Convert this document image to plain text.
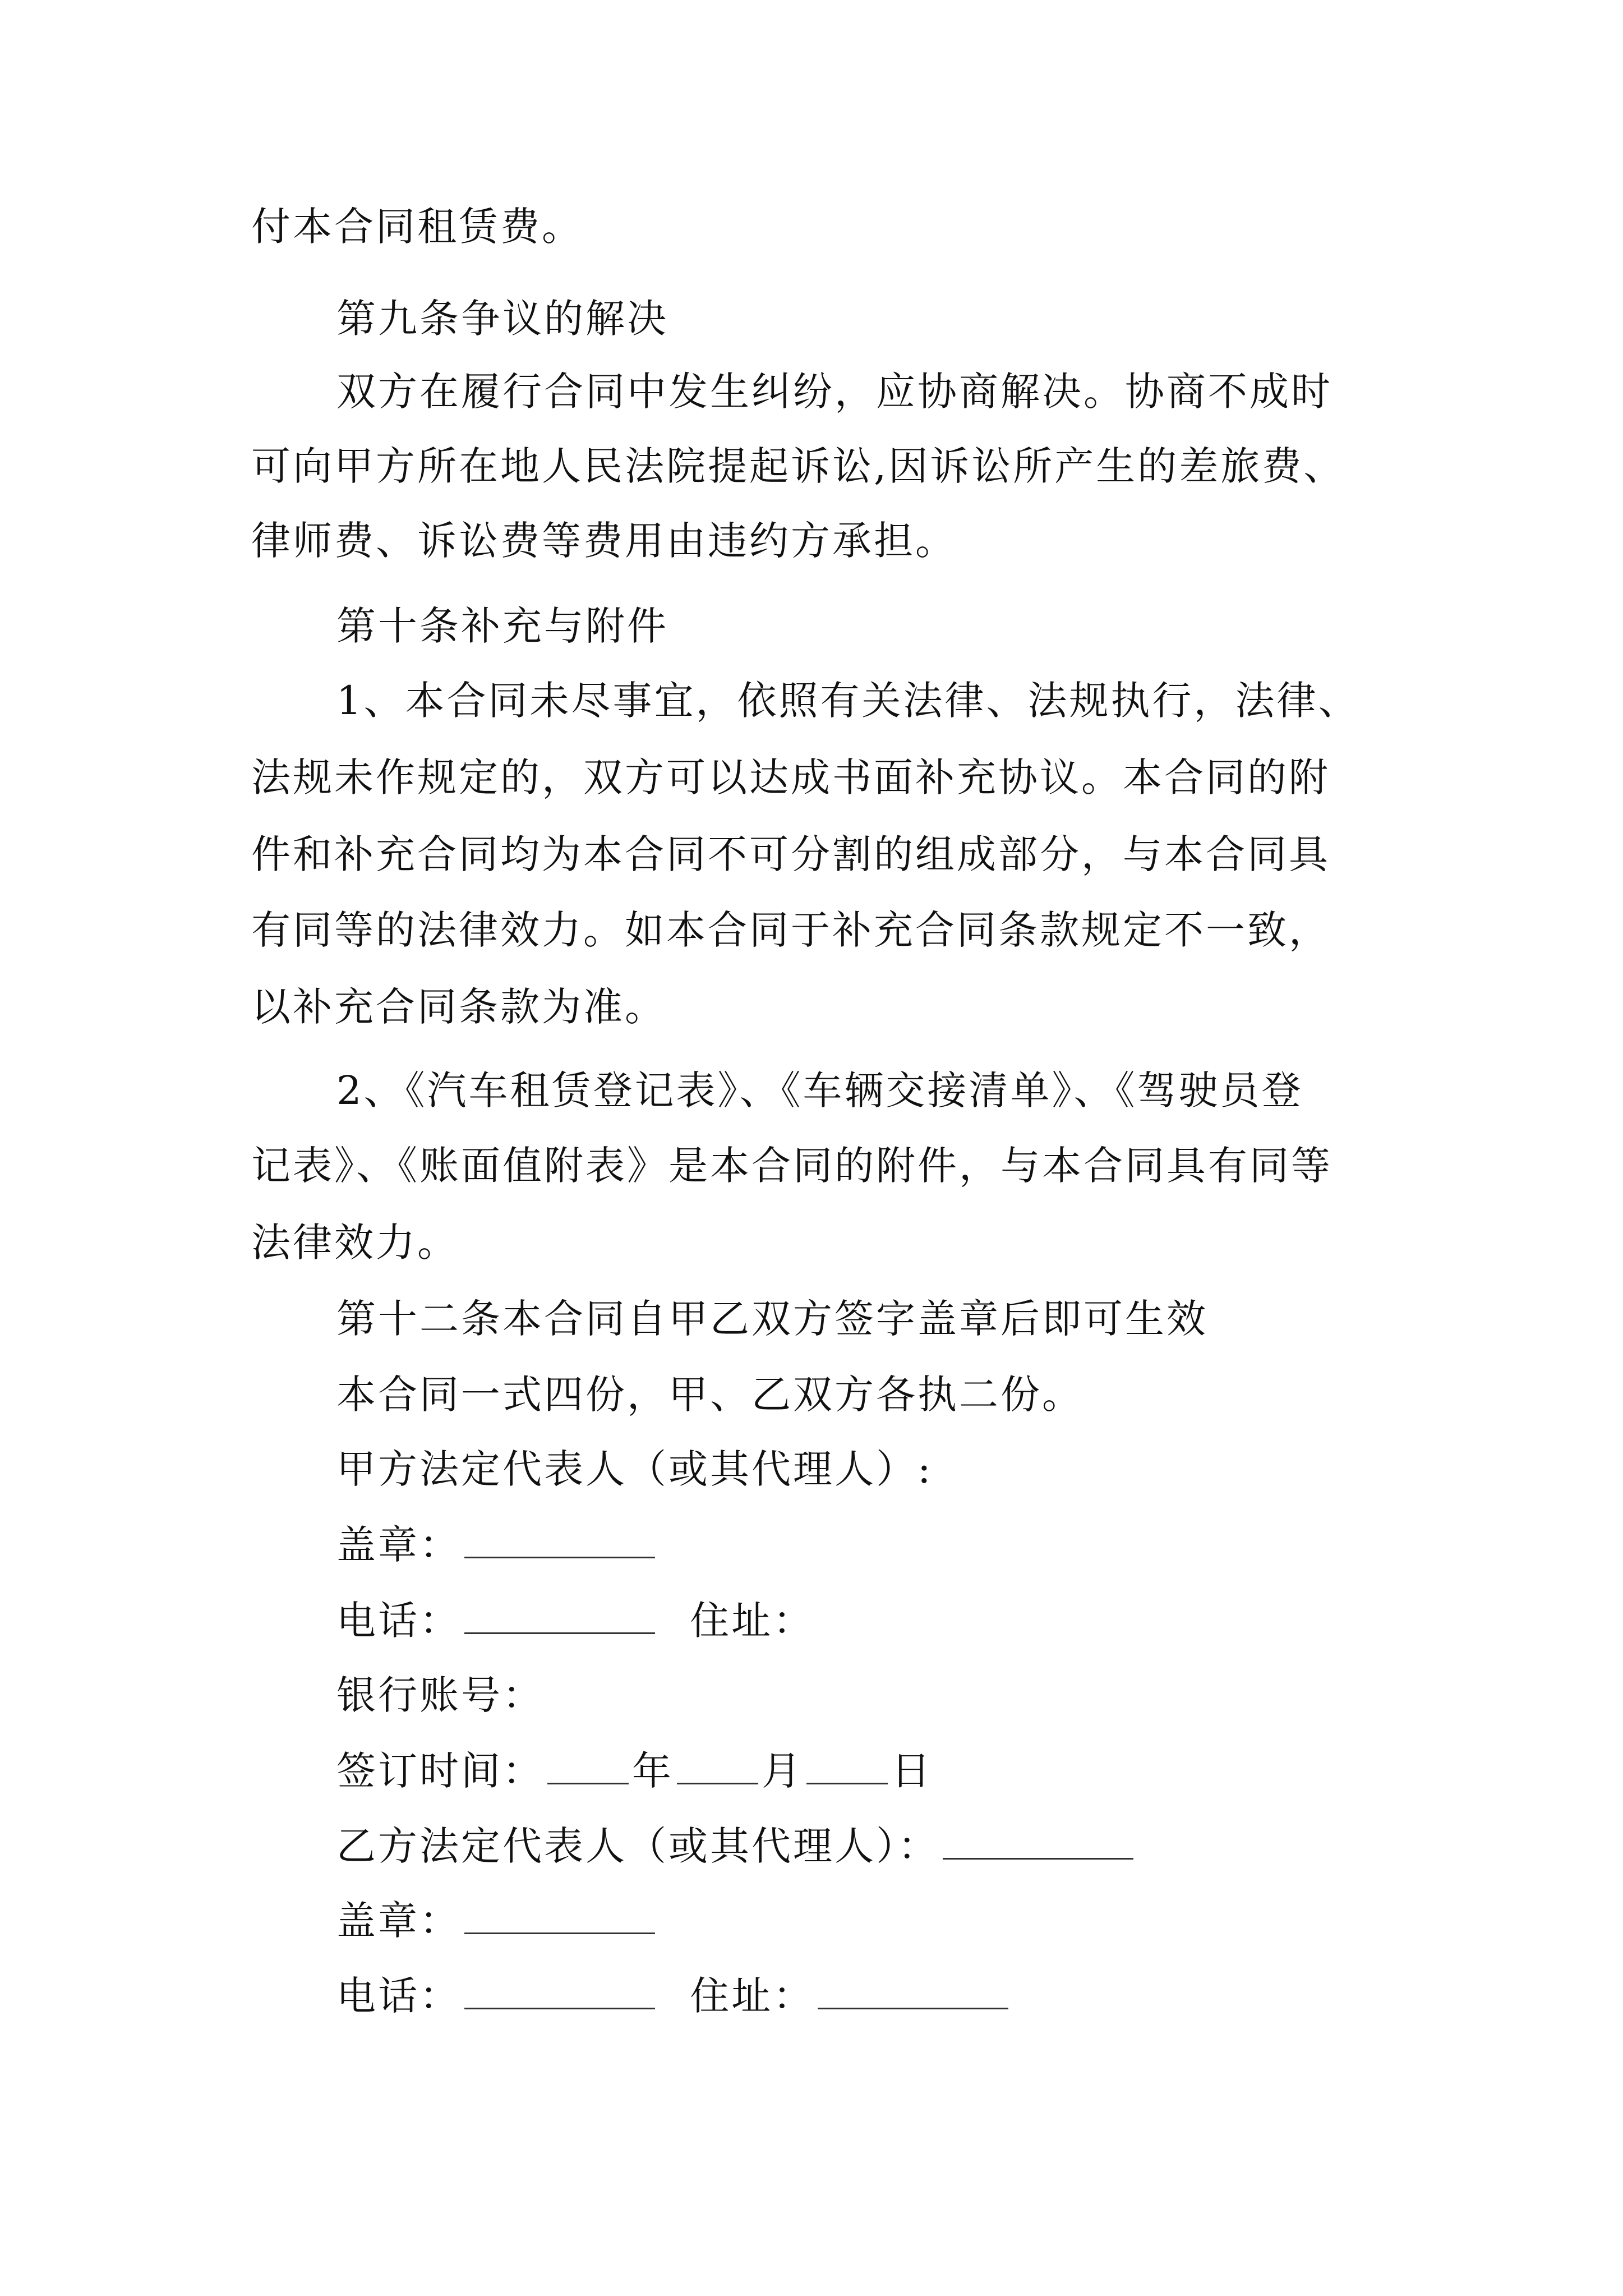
付本合同租赁费。
第九条争议的解决
双方在履行合同中发生纠纷，应协商解决。协商不成时
可向甲方所在地人民法院提起诉讼,因诉讼所产生的差旅费、
律师费、诉讼费等费用由违约方承担。
第十条补充与附件
1、本合同未尽事宜，依照有关法律、法规执行，法律、
法规未作规定的，双方可以达成书面补充协议。本合同的附
件和补充合同均为本合同不可分割的组成部分，与本合同具
有同等的法律效力。如本合同于补充合同条款规定不一致，
以补充合同条款为准。
2、《汽车租赁登记表》、《车辆交接清单》、《驾驶员登
记表》、《账面值附表》是本合同的附件，与本合同具有同等
法律效力。
第十二条本合同自甲乙双方签字盖章后即可生效
本合同一式四份，甲、乙双方各执二份。
甲方法定代表人（或其代理人）:
盖章：
电话：	住址：
银行账号：
签订时间： 年 月 日
乙方法定代表人（或其代理人）：
盖章：
电话：	住址：
